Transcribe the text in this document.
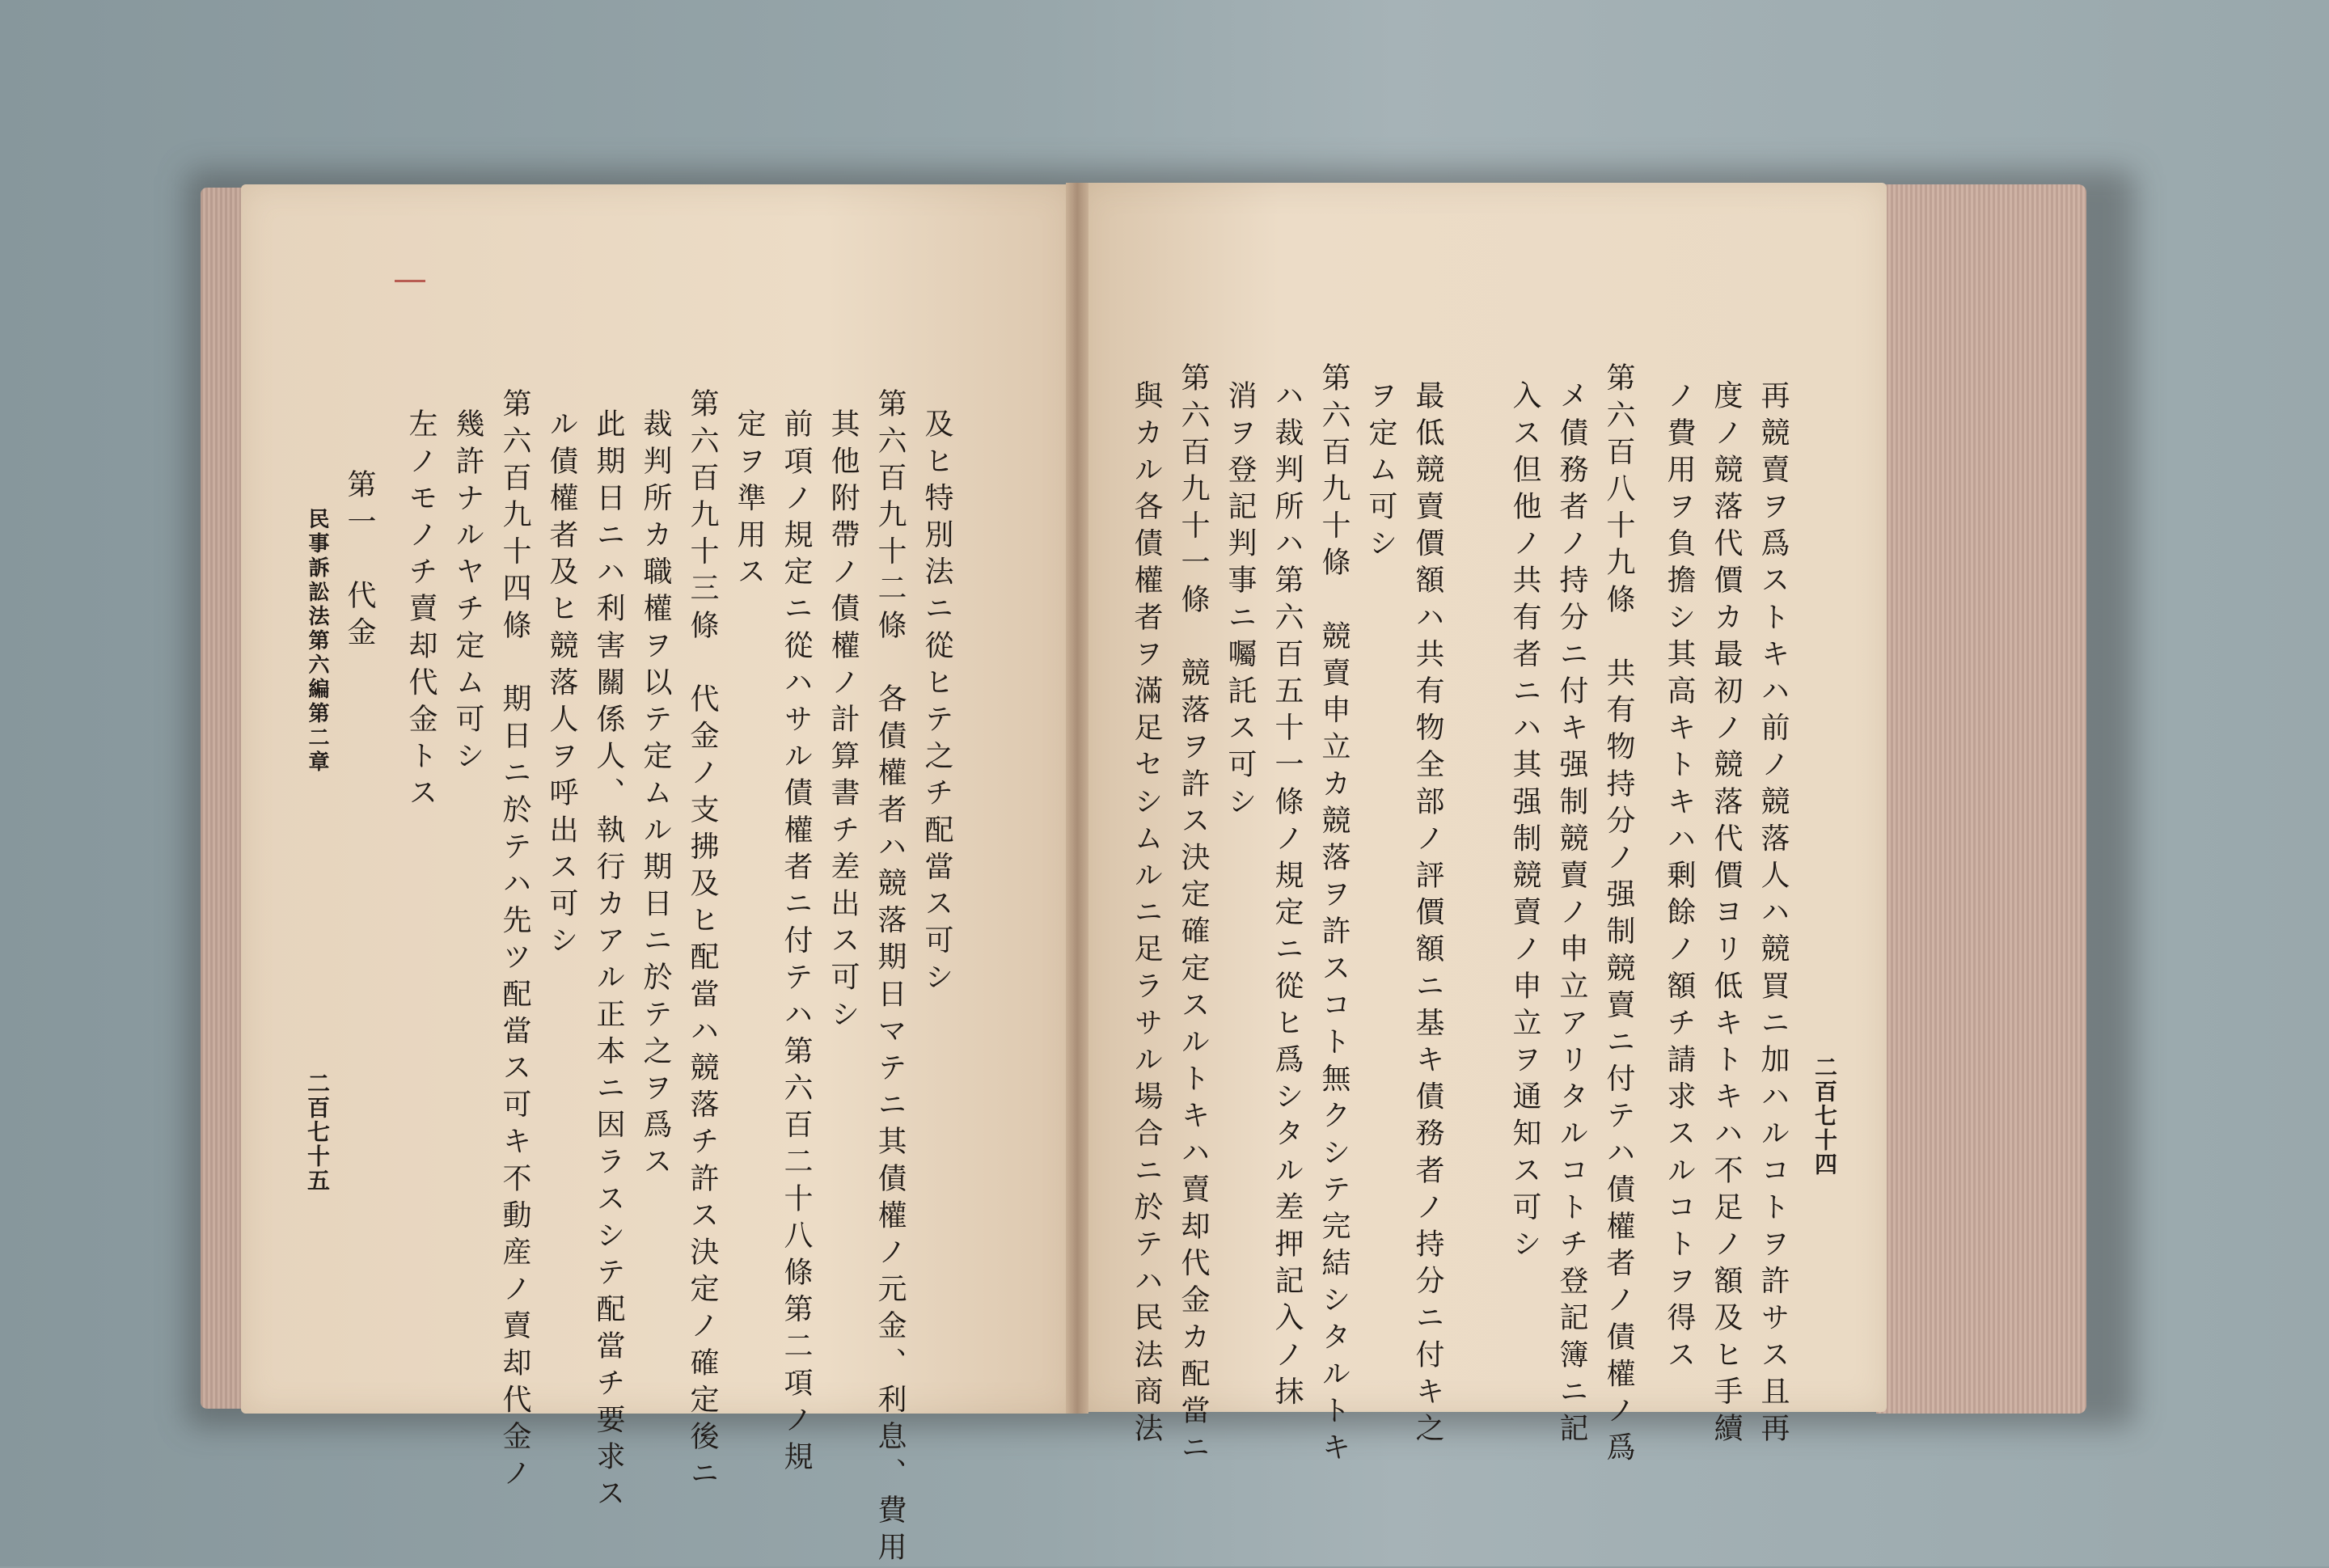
再競賣ヲ爲ストキハ前ノ競落人ハ競買ニ加ハルコトヲ許サス且再
度ノ競落代價カ最初ノ競落代價ヨリ低キトキハ不足ノ額及ヒ手續
ノ費用ヲ負擔シ其高キトキハ剰餘ノ額チ請求スルコトヲ得ス
第六百八十九條　共有物持分ノ强制競賣ニ付テハ債權者ノ債權ノ爲
メ債務者ノ持分ニ付キ强制競賣ノ申立アリタルコトチ登記簿ニ記
入ス但他ノ共有者ニハ其强制競賣ノ申立ヲ通知ス可シ
最低競賣價額ハ共有物全部ノ評價額ニ基キ債務者ノ持分ニ付キ之
ヲ定ム可シ
第六百九十條　競賣申立カ競落ヲ許スコト無クシテ完結シタルトキ
ハ裁判所ハ第六百五十一條ノ規定ニ從ヒ爲シタル差押記入ノ抹
消ヲ登記判事ニ囑託ス可シ
第六百九十一條　競落ヲ許ス決定確定スルトキハ賣却代金カ配當ニ
與カル各債權者ヲ滿足セシムルニ足ラサル場合ニ於テハ民法商法	二百七十四
及ヒ特別法ニ從ヒテ之チ配當ス可シ
第六百九十二條　各債權者ハ競落期日マテニ其債權ノ元金、利息、費用
其他附帶ノ債權ノ計算書チ差出ス可シ
前項ノ規定ニ從ハサル債權者ニ付テハ第六百二十八條第二項ノ規
定ヲ準用ス
第六百九十三條　代金ノ支拂及ヒ配當ハ競落チ許ス決定ノ確定後ニ
裁判所カ職權ヲ以テ定ムル期日ニ於テ之ヲ爲ス
此期日ニハ利害關係人、執行カアル正本ニ因ラスシテ配當チ要求ス
ル債權者及ヒ競落人ヲ呼出ス可シ
第六百九十四條　期日ニ於テハ先ツ配當ス可キ不動産ノ賣却代金ノ
幾許ナルヤチ定ム可シ
左ノモノチ賣却代金トス
第一　代金
民事訴訟法第六編第二章
二百七十五
